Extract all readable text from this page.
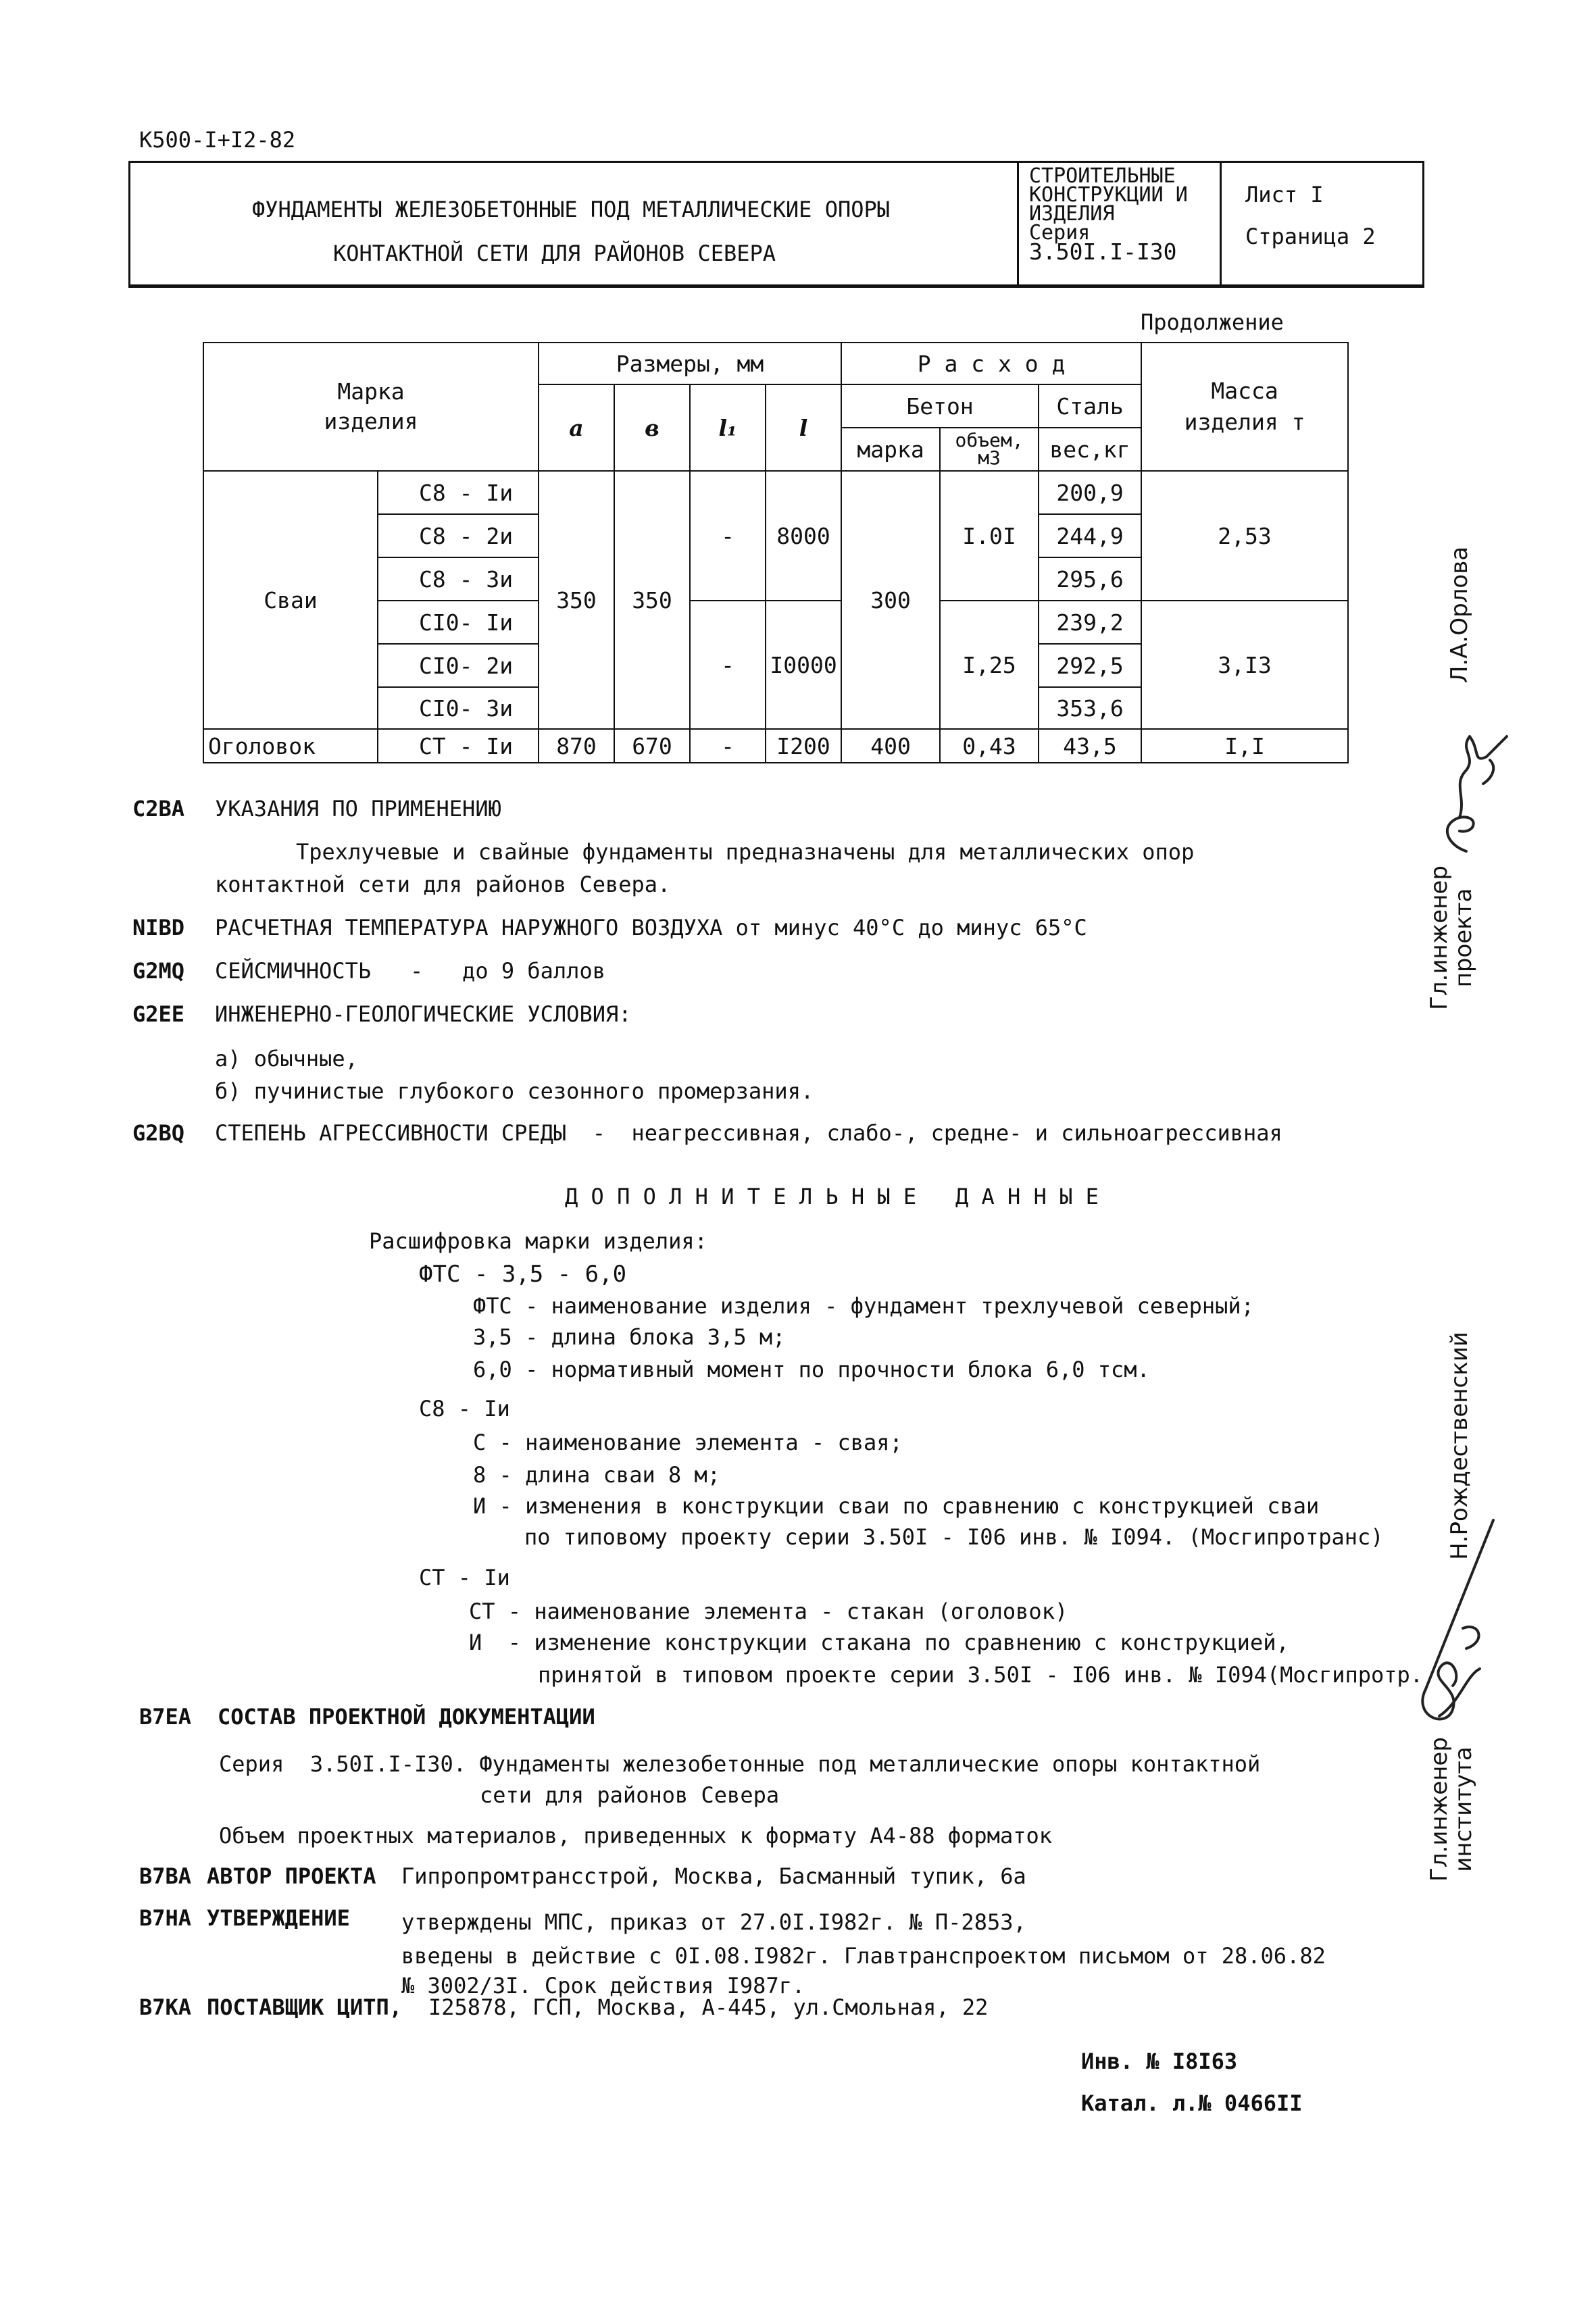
К500-I+I2-82
ФУНДАМЕНТЫ ЖЕЛЕЗОБЕТОННЫЕ ПОД МЕТАЛЛИЧЕСКИЕ ОПОРЫ
КОНТАКТНОЙ СЕТИ ДЛЯ РАЙОНОВ СЕВЕРА
СТРОИТЕЛЬНЫЕ
КОНСТРУКЦИИ И
ИЗДЕЛИЯ
Серия
3.50I.I-I30
Лист I
Страница 2
Продолжение
Марка изделия		Размеры, мм				Р а с х о д			Масса изделия т

		a	в	l₁	l	Бетон		Сталь	
						марка	объем, м3	вес,кг	
Сваи	С8 - Iи	350	350	-	8000	300	I.0I	200,9	2,53
	С8 - 2и							244,9	
	С8 - 3и							295,6	
	СI0- Iи			-	I0000		I,25	239,2	3,I3
	СI0- 2и							292,5	
	СI0- 3и							353,6	
Оголовок	СТ - Iи	870	670	-	I200	400	0,43	43,5	I,I
С2ВА УКАЗАНИЯ ПО ПРИМЕНЕНИЮ
Трехлучевые и свайные фундаменты предназначены для металлических опор
контактной сети для районов Севера.
NIBD РАСЧЕТНАЯ ТЕМПЕРАТУРА НАРУЖНОГО ВОЗДУХА от минус 40°С до минус 65°С
G2MQ СЕЙСМИЧНОСТЬ   -   до 9 баллов
G2EE ИНЖЕНЕРНО-ГЕОЛОГИЧЕСКИЕ УСЛОВИЯ:
а) обычные,
б) пучинистые глубокого сезонного промерзания.
G2BQ СТЕПЕНЬ АГРЕССИВНОСТИ СРЕДЫ  -  неагрессивная, слабо-, средне- и сильноагрессивная
Д О П О Л Н И Т Е Л Ь Н Ы Е   Д А Н Н Ы Е
Расшифровка марки изделия:
ФТС - 3,5 - 6,0
ФТС - наименование изделия - фундамент трехлучевой северный;
3,5 - длина блока 3,5 м;
6,0 - нормативный момент по прочности блока 6,0 тсм.
С8 - Iи
С - наименование элемента - свая;
8 - длина сваи 8 м;
И - изменения в конструкции сваи по сравнению с конструкцией сваи
по типовому проекту серии 3.50I - I06 инв. № I094. (Мосгипротранс)
СТ - Iи
СТ - наименование элемента - стакан (оголовок)
И  - изменение конструкции стакана по сравнению с конструкцией,
принятой в типовом проекте серии 3.50I - I06 инв. № I094(Мосгипротр.
В7ЕА СОСТАВ ПРОЕКТНОЙ ДОКУМЕНТАЦИИ
Серия  3.50I.I-I30. Фундаменты железобетонные под металлические опоры контактной
сети для районов Севера
Объем проектных материалов, приведенных к формату А4-88 форматок
В7ВА АВТОР ПРОЕКТА Гипропромтрансстрой, Москва, Басманный тупик, 6а
В7НА УТВЕРЖДЕНИЕ утверждены МПС, приказ от 27.0I.I982г. № П-2853,
введены в действие с 0I.08.I982г. Главтранспроектом письмом от 28.06.82
№ 3002/3I. Срок действия I987г.
В7КА ПОСТАВЩИК ЦИТП, I25878, ГСП, Москва, А-445, ул.Смольная, 22
Инв. № I8I63
Катал. л.№ 0466II
Л.А.Орлова
Гл.инженер
проекта
Н.Рождественский
Гл.инженер
института
